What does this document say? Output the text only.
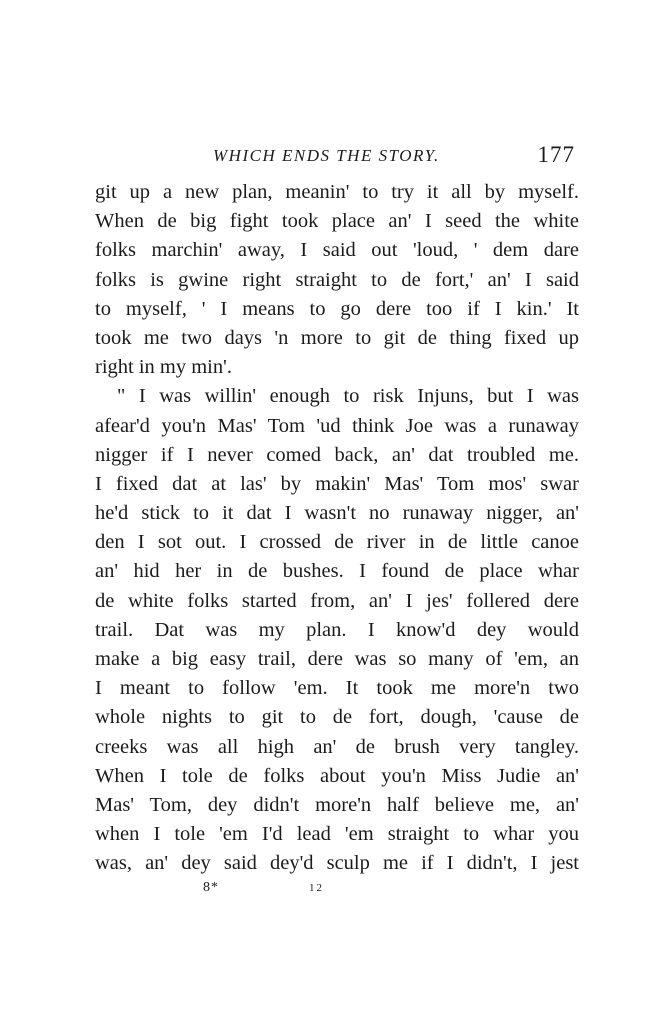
WHICH ENDS THE STORY.	177
git up a new plan, meanin' to try it all by myself.
When de big fight took place an' I seed the white
folks marchin' away, I said out 'loud, ' dem dare
folks is gwine right straight to de fort,' an' I said
to myself, ' I means to go dere too if I kin.' It
took me two days 'n more to git de thing fixed up
right in my min'.
" I was willin' enough to risk Injuns, but I was
afear'd you'n Mas' Tom 'ud think Joe was a runaway
nigger if I never comed back, an' dat troubled me.
I fixed dat at las' by makin' Mas' Tom mos' swar
he'd stick to it dat I wasn't no runaway nigger, an'
den I sot out. I crossed de river in de little canoe
an' hid her in de bushes. I found de place whar
de white folks started from, an' I jes' follered dere
trail. Dat was my plan. I know'd dey would
make a big easy trail, dere was so many of 'em, an
I meant to follow 'em. It took me more'n two
whole nights to git to de fort, dough, 'cause de
creeks was all high an' de brush very tangley.
When I tole de folks about you'n Miss Judie an'
Mas' Tom, dey didn't more'n half believe me, an'
when I tole 'em I'd lead 'em straight to whar you
was, an' dey said dey'd sculp me if I didn't, I jest
8*	12
